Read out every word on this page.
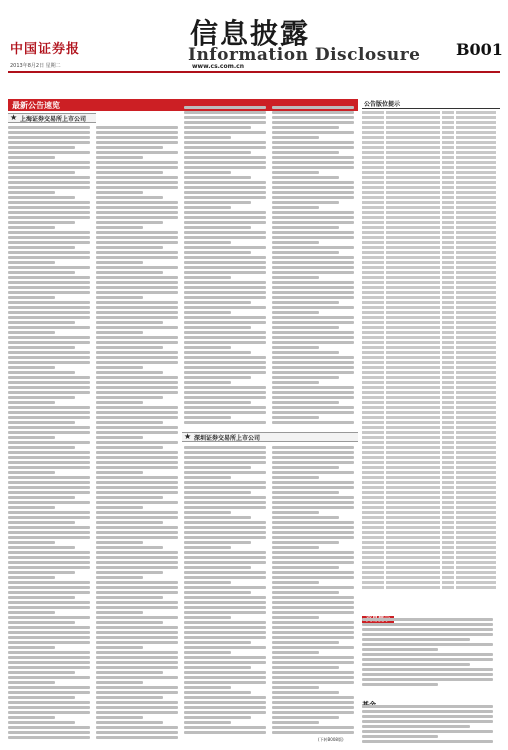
中国证券报	信息披露
Information Disclosure B001
2013年8月2日 星期二	www.cs.com.cn
最新公告速览
★ 上海证券交易所上市公司
★ 深圳证券交易所上市公司
公告版位提示
(下转B008版)
